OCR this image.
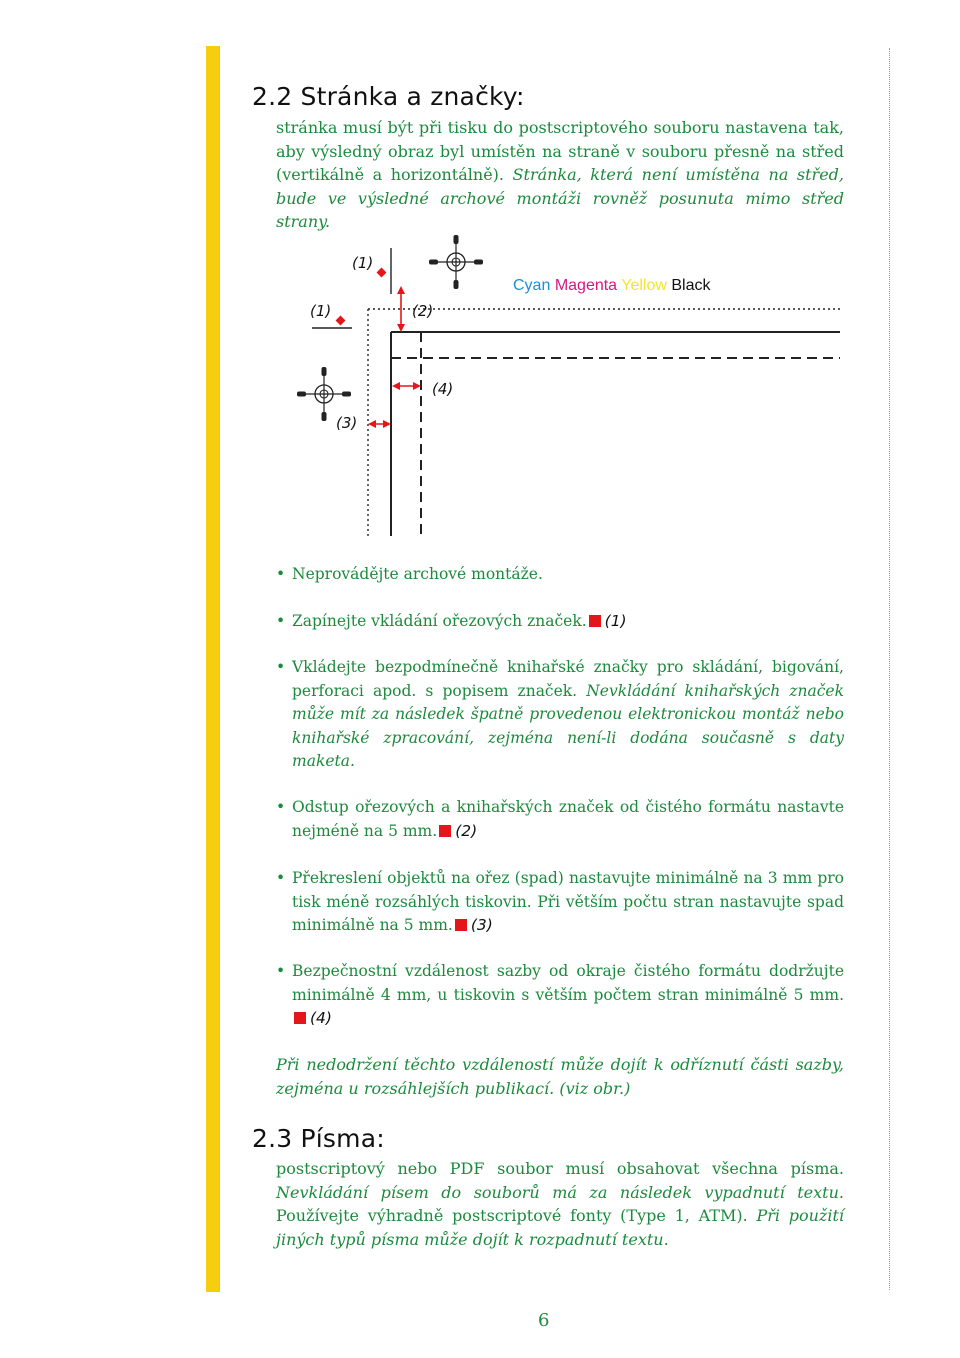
2.2 Stránka a značky:

stránka musí být při tisku do postscriptového souboru nastavena tak, aby výsledný obraz byl umístěn na straně v souboru přesně na střed (vertikálně a horizontálně). Stránka, která není umístěna na střed, bude ve výsledné archové montáži rovněž posunuta mimo střed strany.

(1)
(1)	(2)
(4)
(3)
Cyan Magenta Yellow Black

• Neprovádějte archové montáže.

• Zapínejte vkládání ořezových značek. (1)

• Vkládejte bezpodmínečně knihařské značky pro skládání, bigování, perforaci apod. s popisem značek. Nevkládání knihařských značek může mít za následek špatně provedenou elektronickou montáž nebo knihařské zpracování, zejména není-li dodána současně s daty maketa.

• Odstup ořezových a knihařských značek od čistého formátu nastavte nejméně na 5 mm. (2)

• Překreslení objektů na ořez (spad) nastavujte minimálně na 3 mm pro tisk méně rozsáhlých tiskovin. Při větším počtu stran nastavujte spad minimálně na 5 mm. (3)

• Bezpečnostní vzdálenost sazby od okraje čistého formátu dodržujte minimálně 4 mm, u tiskovin s větším počtem stran minimálně 5 mm.(4)

Při nedodržení těchto vzdáleností může dojít k odříznutí části sazby, zejména u rozsáhlejších publikací. (viz obr.)

2.3 Písma:

postscriptový nebo PDF soubor musí obsahovat všechna písma. Nevkládání písem do souborů má za následek vypadnutí textu. Používejte výhradně postscriptové fonty (Type 1, ATM). Při použití jiných typů písma může dojít k rozpadnutí textu.

6
